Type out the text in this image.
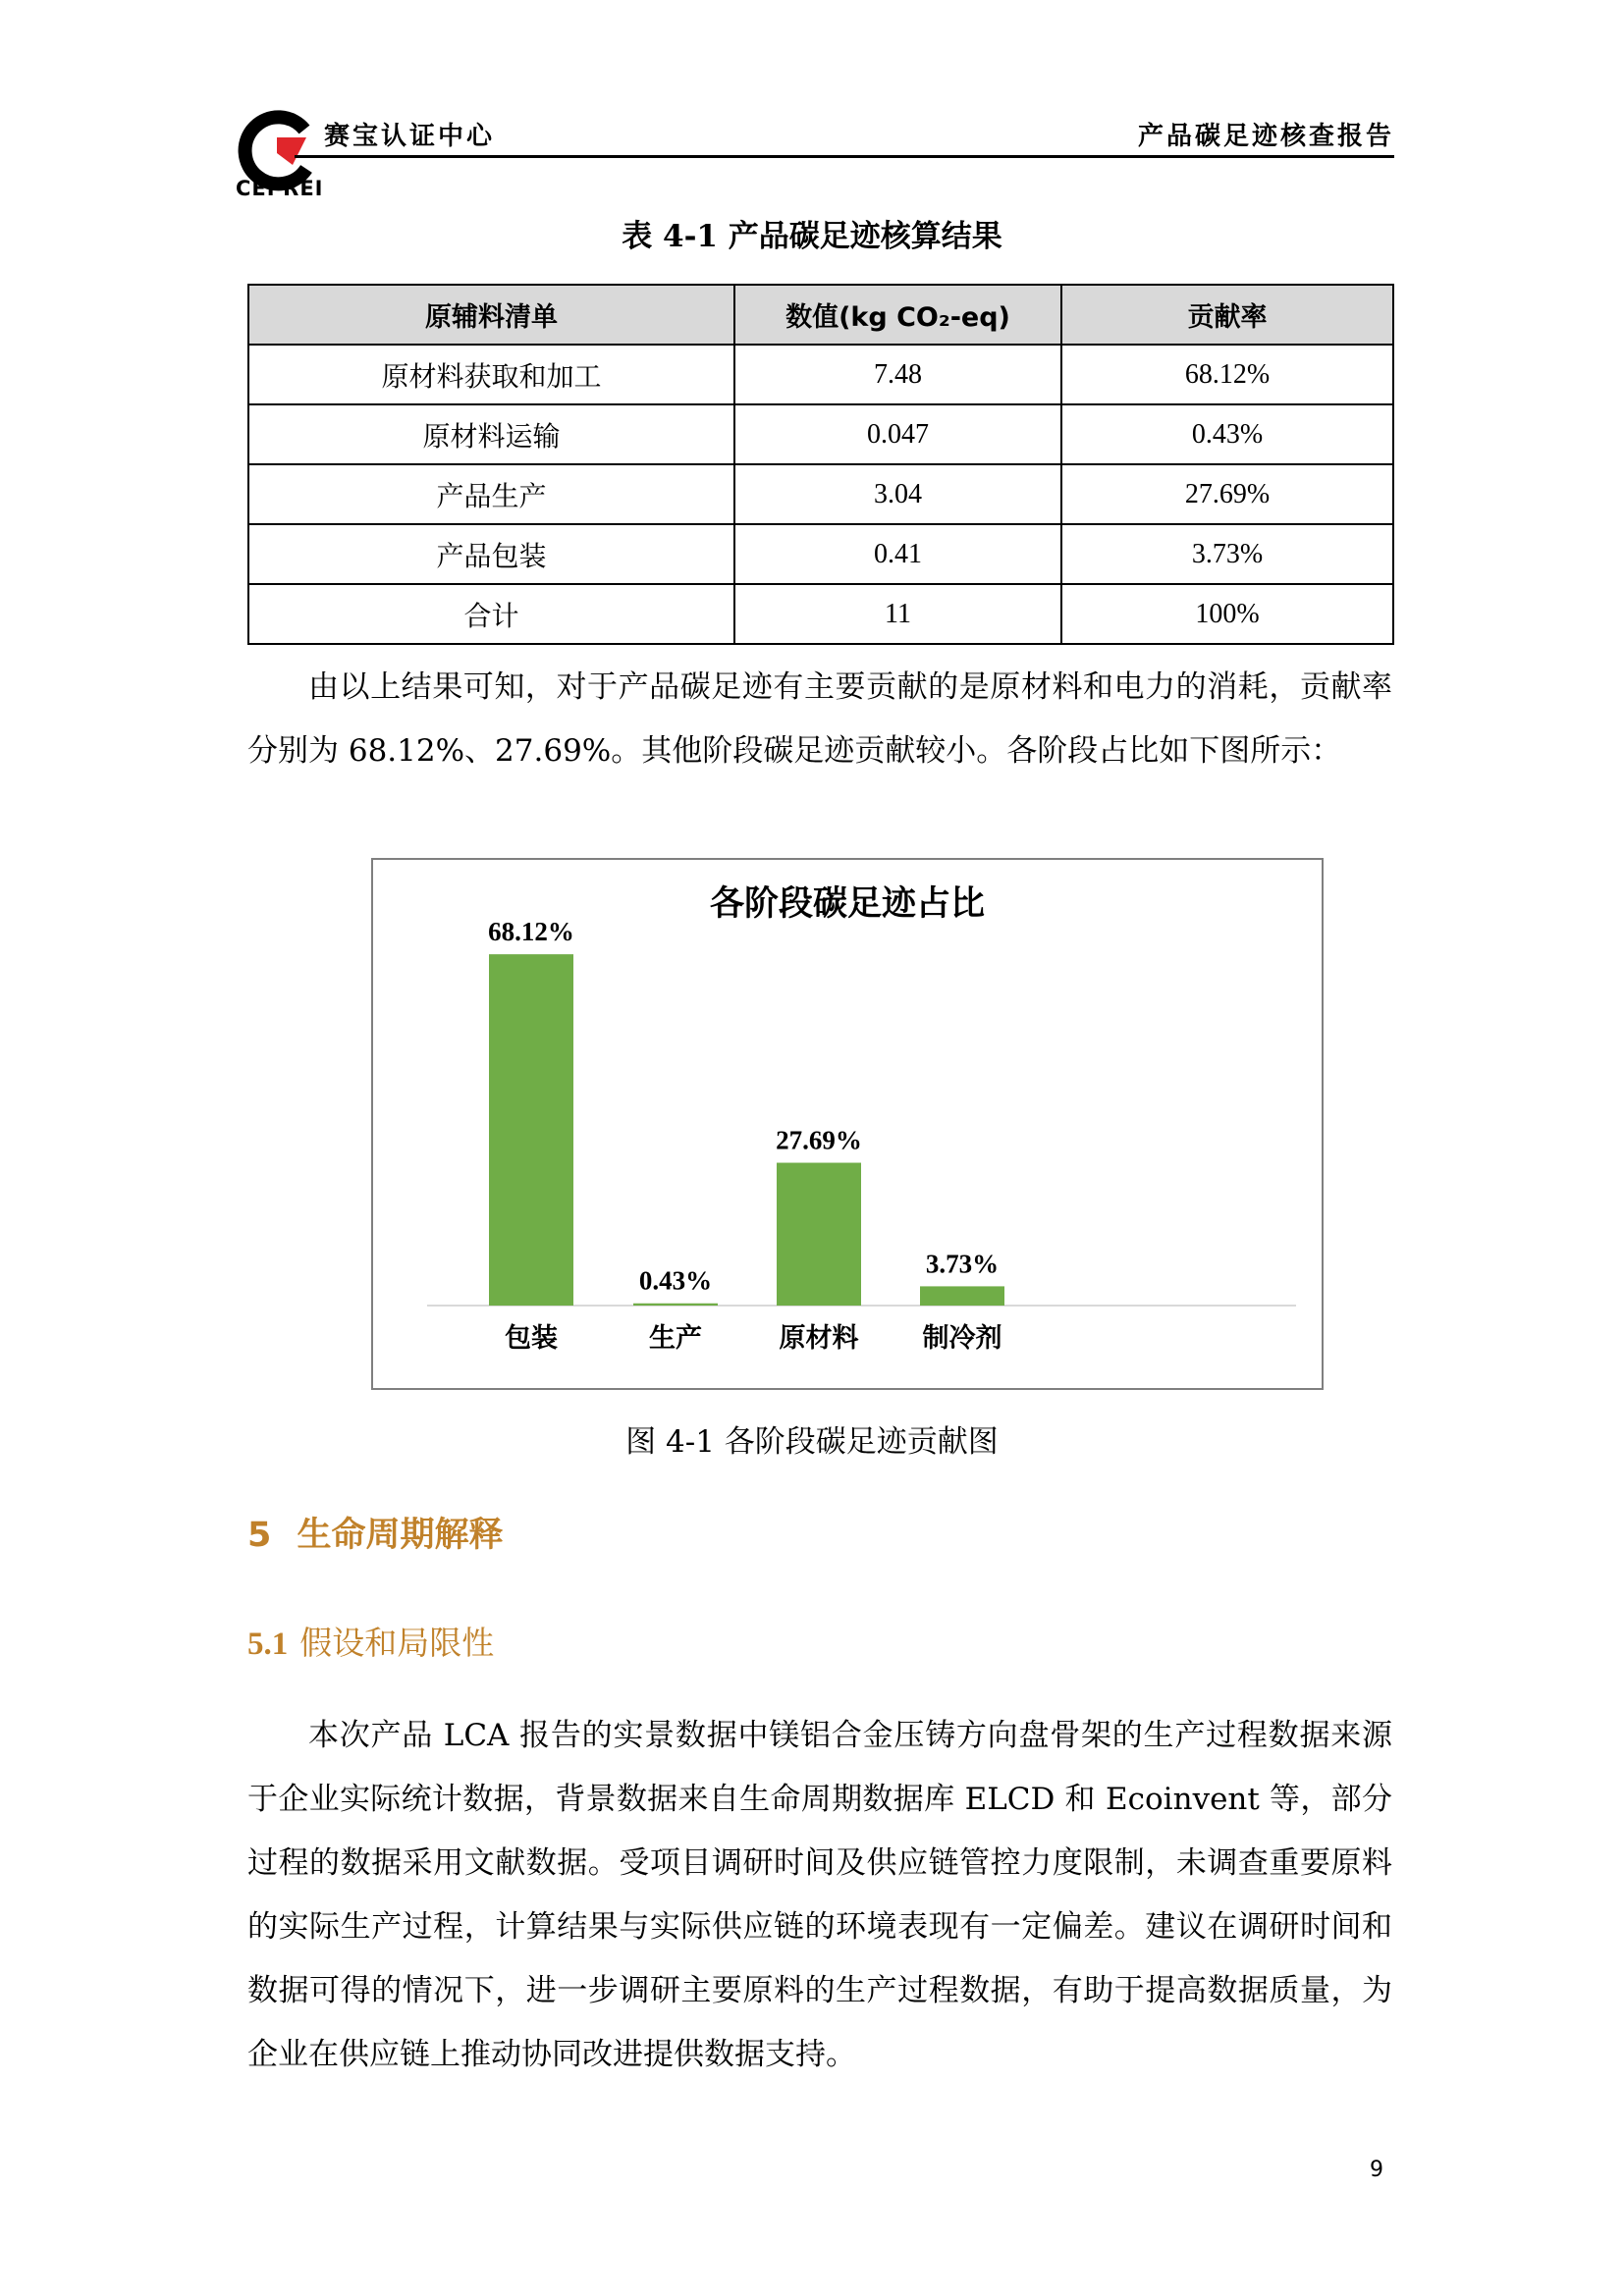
CEPREI
赛宝认证中心	产品碳足迹核查报告
表 4-1 产品碳足迹核算结果
原辅料清单	数值(kg CO₂-eq)	贡献率
原材料获取和加工	7.48	68.12%
原材料运输	0.047	0.43%
产品生产	3.04	27.69%
产品包装	0.41	3.73%
合计	11	100%

由以上结果可知，对于产品碳足迹有主要贡献的是原材料和电力的消耗，贡献率分别为 68.12%、27.69%。其他阶段碳足迹贡献较小。各阶段占比如下图所示：

各阶段碳足迹占比
68.12%
包装
0.43%
生产
27.69%
原材料
3.73%
制冷剂
图 4-1 各阶段碳足迹贡献图
5 生命周期解释
5.1 假设和局限性

本次产品 LCA 报告的实景数据中镁铝合金压铸方向盘骨架的生产过程数据来源于企业实际统计数据，背景数据来自生命周期数据库 ELCD 和 Ecoinvent 等，部分过程的数据采用文献数据。受项目调研时间及供应链管控力度限制，未调查重要原料的实际生产过程，计算结果与实际供应链的环境表现有一定偏差。建议在调研时间和数据可得的情况下，进一步调研主要原料的生产过程数据，有助于提高数据质量，为企业在供应链上推动协同改进提供数据支持。

9
